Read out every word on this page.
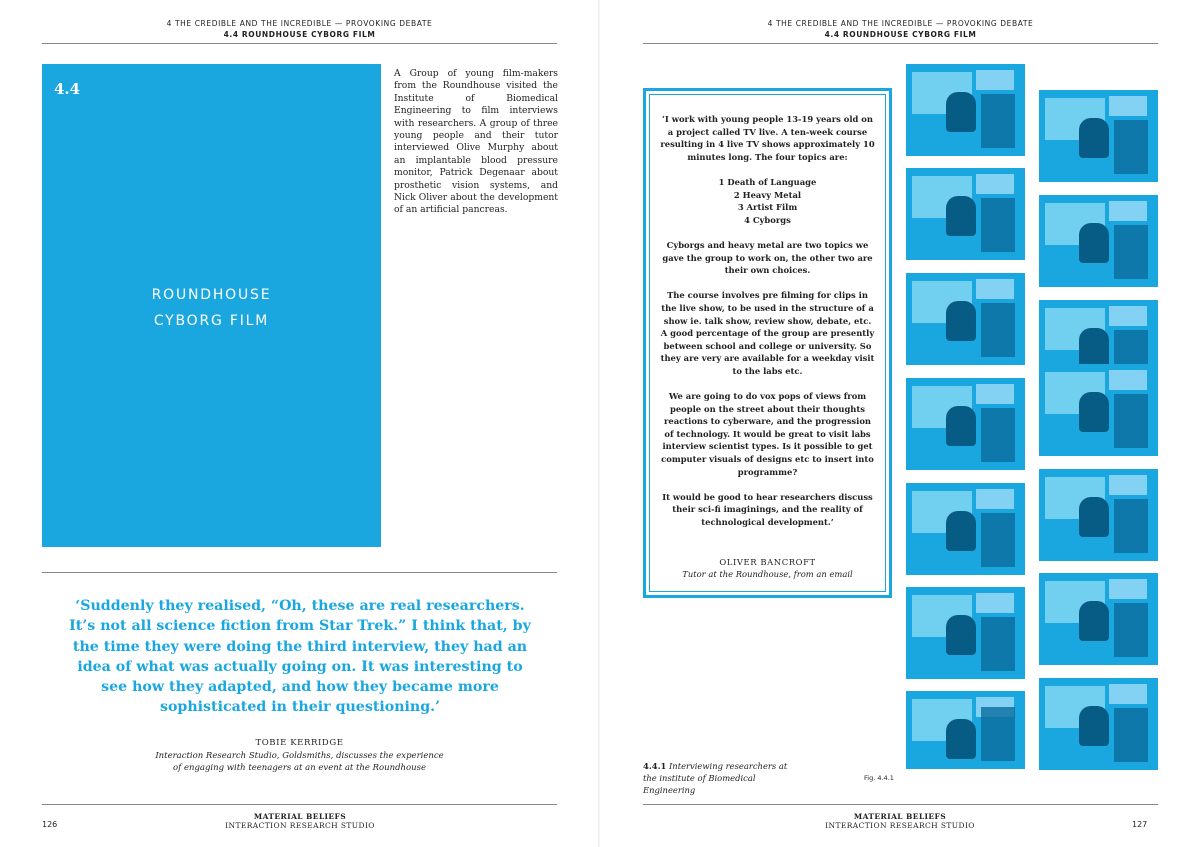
4 THE CREDIBLE AND THE INCREDIBLE — PROVOKING DEBATE
4.4 ROUNDHOUSE CYBORG FILM
4.4
ROUNDHOUSE
CYBORG FILM
A Group of young film-makers from the Roundhouse visited the Institute of Biomedical Engineering to film interviews with researchers. A group of three young people and their tutor interviewed Olive Murphy about an implantable blood pressure monitor, Patrick Degenaar about prosthetic vision systems, and Nick Oliver about the development of an artificial pancreas.
‘Suddenly they realised, “Oh, these are real researchers. It’s not all science fiction from Star Trek.” I think that, by the time they were doing the third interview, they had an idea of what was actually going on. It was interesting to see how they adapted, and how they became more sophisticated in their questioning.’
TOBIE KERRIDGE
Interaction Research Studio, Goldsmiths, discusses the experience
of engaging with teenagers at an event at the Roundhouse
126
MATERIAL BELIEFS
INTERACTION RESEARCH STUDIO
4 THE CREDIBLE AND THE INCREDIBLE — PROVOKING DEBATE
4.4 ROUNDHOUSE CYBORG FILM

‘I work with young people 13-19 years old on a project called TV live. A ten-week course resulting in 4 live TV shows approximately 10 minutes long. The four topics are:

1 Death of Language
2 Heavy Metal
3 Artist Film
4 Cyborgs

Cyborgs and heavy metal are two topics we gave the group to work on, the other two are their own choices.

The course involves pre filming for clips in the live show, to be used in the structure of a show ie. talk show, review show, debate, etc. A good percentage of the group are presently between school and college or university. So they are very are available for a weekday visit to the labs etc.

We are going to do vox pops of views from people on the street about their thoughts reactions to cyberware, and the progression of technology. It would be great to visit labs interview scientist types. Is it possible to get computer visuals of designs etc to insert into programme?

It would be good to hear researchers discuss their sci-fi imaginings, and the reality of technological development.’

OLIVER BANCROFT
Tutor at the Roundhouse, from an email
4.4.1 Interviewing researchers at the institute of Biomedical Engineering
Fig. 4.4.1
MATERIAL BELIEFS
INTERACTION RESEARCH STUDIO	127
